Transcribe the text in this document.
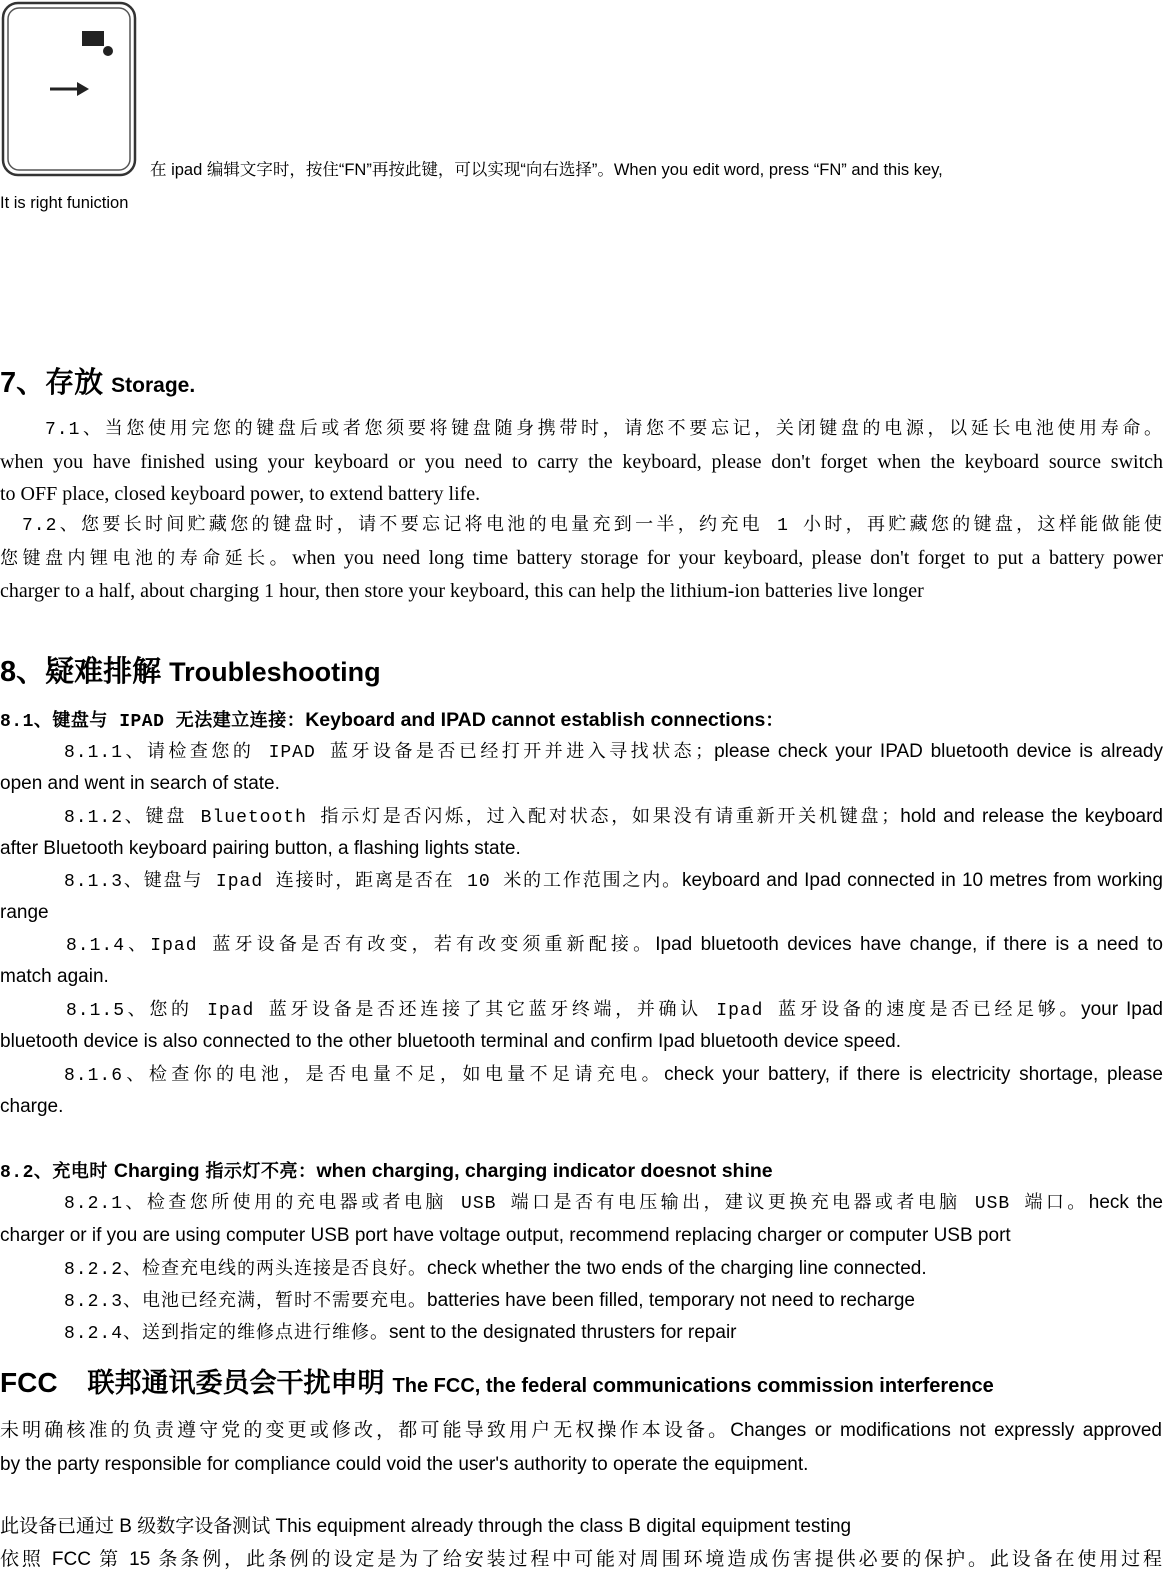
在 ipad 编辑文字时，按住“FN”再按此键，可以实现“向右选择”。When you edit word, press “FN” and this key,
It is right funiction
7、存放 Storage.
7.1、当您使用完您的键盘后或者您须要将键盘随身携带时，请您不要忘记，关闭键盘的电源，以延长电池使用寿命。
when you have finished using your keyboard or you need to carry the keyboard, please don't forget when the keyboard source switch
to OFF place, closed keyboard power, to extend battery life.
7.2、您要长时间贮藏您的键盘时，请不要忘记将电池的电量充到一半，约充电 1 小时，再贮藏您的键盘，这样能做能使
您键盘内锂电池的寿命延长。when you need long time battery storage for your keyboard, please don't forget to put a battery power
charger to a half, about charging 1 hour, then store your keyboard, this can help the lithium-ion batteries live longer
8、疑难排解 Troubleshooting
8.1、键盘与 IPAD 无法建立连接：Keyboard and IPAD cannot establish connections：
8.1.1、请检查您的 IPAD 蓝牙设备是否已经打开并进入寻找状态；please check your IPAD bluetooth device is already
open and went in search of state.
8.1.2、键盘 Bluetooth 指示灯是否闪烁，过入配对状态，如果没有请重新开关机键盘；hold and release the keyboard
after Bluetooth keyboard pairing button, a flashing lights state.
8.1.3、键盘与 Ipad 连接时，距离是否在 10 米的工作范围之内。keyboard and Ipad connected in 10 metres from working
range
8.1.4、Ipad 蓝牙设备是否有改变，若有改变须重新配接。Ipad bluetooth devices have change, if there is a need to
match again.
8.1.5、您的 Ipad 蓝牙设备是否还连接了其它蓝牙终端，并确认 Ipad 蓝牙设备的速度是否已经足够。your Ipad
bluetooth device is also connected to the other bluetooth terminal and confirm Ipad bluetooth device speed.
8.1.6、检查你的电池，是否电量不足，如电量不足请充电。check your battery, if there is electricity shortage, please
charge.
8.2、充电时 Charging 指示灯不亮：when charging, charging indicator doesnot shine
8.2.1、检查您所使用的充电器或者电脑 USB 端口是否有电压输出，建议更换充电器或者电脑 USB 端口。heck the
charger or if you are using computer USB port have voltage output, recommend replacing charger or computer USB port
8.2.2、检查充电线的两头连接是否良好。check whether the two ends of the charging line connected.
8.2.3、电池已经充满，暂时不需要充电。batteries have been filled, temporary not need to recharge
8.2.4、送到指定的维修点进行维修。sent to the designated thrusters for repair
FCC 联邦通讯委员会干扰申明 The FCC, the federal communications commission interference
未明确核准的负责遵守党的变更或修改，都可能导致用户无权操作本设备。Changes or modifications not expressly approved
by the party responsible for compliance could void the user's authority to operate the equipment.
此设备已通过 B 级数字设备测试 This equipment already through the class B digital equipment testing
依照 FCC 第 15 条条例，此条例的设定是为了给安装过程中可能对周围环境造成伤害提供必要的保护。此设备在使用过程
